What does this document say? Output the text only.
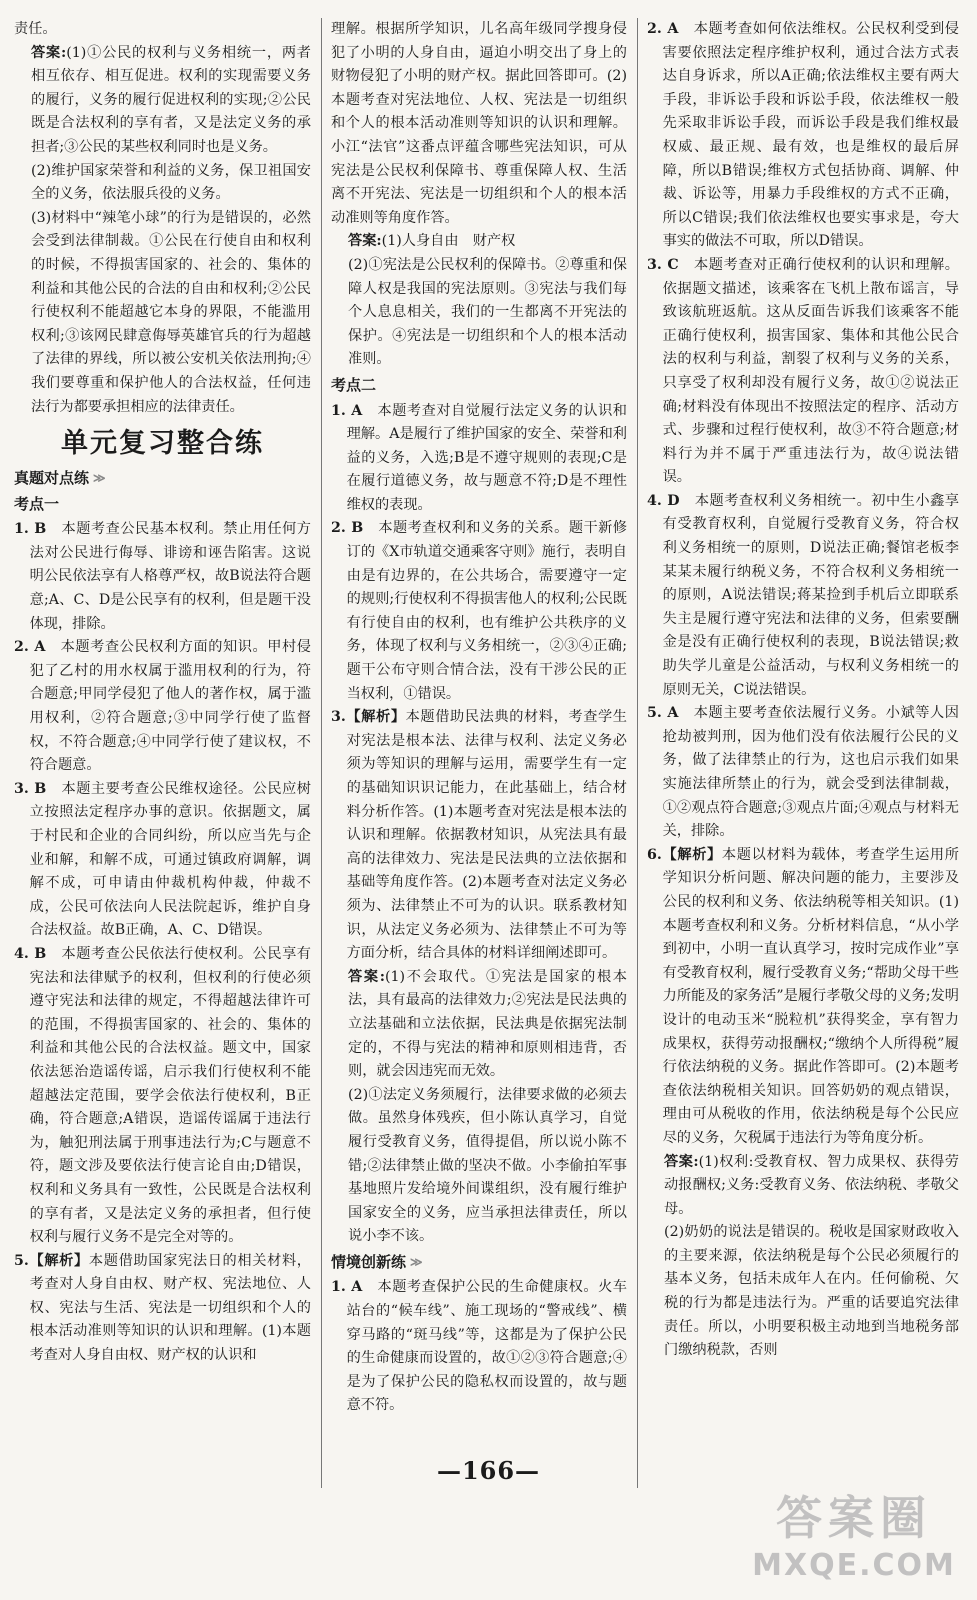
责任。

答案:(1)①公民的权利与义务相统一，两者相互依存、相互促进。权利的实现需要义务的履行，义务的履行促进权利的实现;②公民既是合法权利的享有者，又是法定义务的承担者;③公民的某些权利同时也是义务。

(2)维护国家荣誉和利益的义务，保卫祖国安全的义务，依法服兵役的义务。

(3)材料中“辣笔小球”的行为是错误的，必然会受到法律制裁。①公民在行使自由和权利的时候，不得损害国家的、社会的、集体的利益和其他公民的合法的自由和权利;②公民行使权利不能超越它本身的界限，不能滥用权利;③该网民肆意侮辱英雄官兵的行为超越了法律的界线，所以被公安机关依法刑拘;④我们要尊重和保护他人的合法权益，任何违法行为都要承担相应的法律责任。

单元复习整合练
真题对点练 ≫
考点一

1. B　 本题考查公民基本权利。禁止用任何方法对公民进行侮辱、诽谤和诬告陷害。这说明公民依法享有人格尊严权，故B说法符合题意;A、C、D是公民享有的权利，但是题干没体现，排除。

2. A　 本题考查公民权利方面的知识。甲村侵犯了乙村的用水权属于滥用权利的行为，符合题意;甲同学侵犯了他人的著作权，属于滥用权利，②符合题意;③中同学行使了监督权，不符合题意;④中同学行使了建议权，不符合题意。

3. B　 本题主要考查公民维权途径。公民应树立按照法定程序办事的意识。依据题文，属于村民和企业的合同纠纷，所以应当先与企业和解，和解不成，可通过镇政府调解，调解不成，可申请由仲裁机构仲裁，仲裁不成，公民可依法向人民法院起诉，维护自身合法权益。故B正确，A、C、D错误。

4. B　 本题考查公民依法行使权利。公民享有宪法和法律赋予的权利，但权利的行使必须遵守宪法和法律的规定，不得超越法律许可的范围，不得损害国家的、社会的、集体的利益和其他公民的合法权益。题文中，国家依法惩治造谣传谣，启示我们行使权利不能超越法定范围，要学会依法行使权利，B正确，符合题意;A错误，造谣传谣属于违法行为，触犯刑法属于刑事违法行为;C与题意不符，题文涉及要依法行使言论自由;D错误，权利和义务具有一致性，公民既是合法权利的享有者，又是法定义务的承担者，但行使权利与履行义务不是完全对等的。

5.【解析】本题借助国家宪法日的相关材料，考查对人身自由权、财产权、宪法地位、人权、宪法与生活、宪法是一切组织和个人的根本活动准则等知识的认识和理解。(1)本题考查对人身自由权、财产权的认识和

理解。根据所学知识，儿名高年级同学搜身侵犯了小明的人身自由，逼迫小明交出了身上的财物侵犯了小明的财产权。据此回答即可。(2)本题考查对宪法地位、人权、宪法是一切组织和个人的根本活动准则等知识的认识和理解。小江“法官”这番点评蕴含哪些宪法知识，可从宪法是公民权利保障书、尊重保障人权、生活离不开宪法、宪法是一切组织和个人的根本活动准则等角度作答。

答案:(1)人身自由　财产权

(2)①宪法是公民权利的保障书。②尊重和保障人权是我国的宪法原则。③宪法与我们每个人息息相关，我们的一生都离不开宪法的保护。④宪法是一切组织和个人的根本活动准则。

考点二

1. A　 本题考查对自觉履行法定义务的认识和理解。A是履行了维护国家的安全、荣誉和利益的义务，入选;B是不遵守规则的表现;C是在履行道德义务，故与题意不符;D是不理性维权的表现。

2. B　 本题考查权利和义务的关系。题干新修订的《X市轨道交通乘客守则》施行，表明自由是有边界的，在公共场合，需要遵守一定的规则;行使权利不得损害他人的权利;公民既有行使自由的权利，也有维护公共秩序的义务，体现了权利与义务相统一，②③④正确;题干公布守则合情合法，没有干涉公民的正当权利，①错误。

3.【解析】本题借助民法典的材料，考查学生对宪法是根本法、法律与权利、法定义务必须为等知识的理解与运用，需要学生有一定的基础知识识记能力，在此基础上，结合材料分析作答。(1)本题考查对宪法是根本法的认识和理解。依据教材知识，从宪法具有最高的法律效力、宪法是民法典的立法依据和基础等角度作答。(2)本题考查对法定义务必须为、法律禁止不可为的认识。联系教材知识，从法定义务必须为、法律禁止不可为等方面分析，结合具体的材料详细阐述即可。

答案:(1)不会取代。①宪法是国家的根本法，具有最高的法律效力;②宪法是民法典的立法基础和立法依据，民法典是依据宪法制定的，不得与宪法的精神和原则相违背，否则，就会因违宪而无效。

(2)①法定义务须履行，法律要求做的必须去做。虽然身体残疾，但小陈认真学习，自觉履行受教育义务，值得提倡，所以说小陈不错;②法律禁止做的坚决不做。小李偷拍军事基地照片发给境外间谍组织，没有履行维护国家安全的义务，应当承担法律责任，所以说小李不该。

情境创新练 ≫

1. A　 本题考查保护公民的生命健康权。火车站台的“候车线”、施工现场的“警戒线”、横穿马路的“斑马线”等，这都是为了保护公民的生命健康而设置的，故①②③符合题意;④是为了保护公民的隐私权而设置的，故与题意不符。

2. A　 本题考查如何依法维权。公民权利受到侵害要依照法定程序维护权利，通过合法方式表达自身诉求，所以A正确;依法维权主要有两大手段，非诉讼手段和诉讼手段，依法维权一般先采取非诉讼手段，而诉讼手段是我们维权最权威、最正规、最有效，也是维权的最后屏障，所以B错误;维权方式包括协商、调解、仲裁、诉讼等，用暴力手段维权的方式不正确，所以C错误;我们依法维权也要实事求是，夸大事实的做法不可取，所以D错误。

3. C　 本题考查对正确行使权利的认识和理解。依据题文描述，该乘客在飞机上散布谣言，导致该航班返航。这从反面告诉我们该乘客不能正确行使权利，损害国家、集体和其他公民合法的权利与利益，割裂了权利与义务的关系，只享受了权利却没有履行义务，故①②说法正确;材料没有体现出不按照法定的程序、活动方式、步骤和过程行使权利，故③不符合题意;材料行为并不属于严重违法行为，故④说法错误。

4. D　 本题考查权利义务相统一。初中生小鑫享有受教育权利，自觉履行受教育义务，符合权利义务相统一的原则，D说法正确;餐馆老板李某某未履行纳税义务，不符合权利义务相统一的原则，A说法错误;蒋某捡到手机后立即联系失主是履行遵守宪法和法律的义务，但索要酬金是没有正确行使权利的表现，B说法错误;救助失学儿童是公益活动，与权利义务相统一的原则无关，C说法错误。

5. A　 本题主要考查依法履行义务。小斌等人因抢劫被判刑，因为他们没有依法履行公民的义务，做了法律禁止的行为，这也启示我们如果实施法律所禁止的行为，就会受到法律制裁，①②观点符合题意;③观点片面;④观点与材料无关，排除。

6.【解析】本题以材料为载体，考查学生运用所学知识分析问题、解决问题的能力，主要涉及公民的权利和义务、依法纳税等相关知识。(1)本题考查权利和义务。分析材料信息，“从小学到初中，小明一直认真学习，按时完成作业”享有受教育权利，履行受教育义务;“帮助父母干些力所能及的家务活”是履行孝敬父母的义务;发明设计的电动玉米“脱粒机”获得奖金，享有智力成果权，获得劳动报酬权;“缴纳个人所得税”履行依法纳税的义务。据此作答即可。(2)本题考查依法纳税相关知识。回答奶奶的观点错误，理由可从税收的作用，依法纳税是每个公民应尽的义务，欠税属于违法行为等角度分析。

答案:(1)权利:受教育权、智力成果权、获得劳动报酬权;义务:受教育义务、依法纳税、孝敬父母。

(2)奶奶的说法是错误的。税收是国家财政收入的主要来源，依法纳税是每个公民必须履行的基本义务，包括未成年人在内。任何偷税、欠税的行为都是违法行为。严重的话要追究法律责任。所以，小明要积极主动地到当地税务部门缴纳税款，否则

—166—
答案圈
MXQE.COM
